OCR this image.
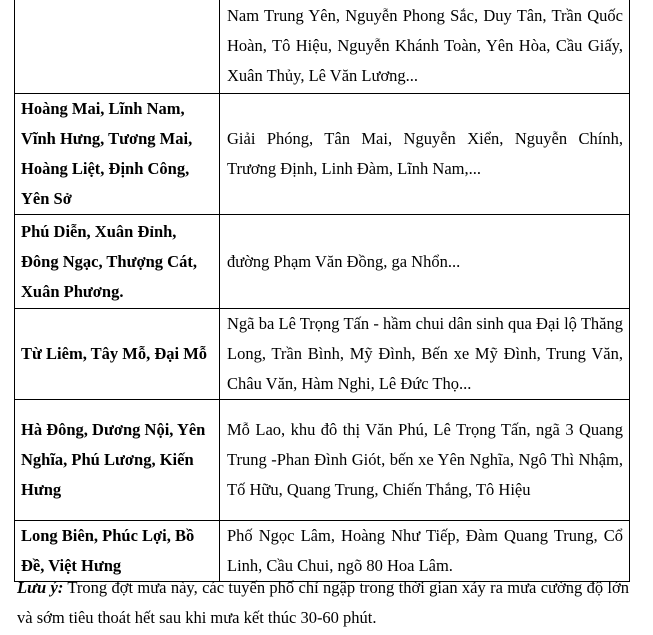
	Nam Trung Yên, Nguyễn Phong Sắc, Duy Tân, Trần Quốc Hoàn, Tô Hiệu, Nguyễn Khánh Toàn, Yên Hòa, Cầu Giấy, Xuân Thủy, Lê Văn Lương...
Hoàng Mai, Lĩnh Nam, Vĩnh Hưng, Tương Mai, Hoàng Liệt, Định Công, Yên Sở	Giải Phóng, Tân Mai, Nguyễn Xiển, Nguyễn Chính, Trương Định, Linh Đàm, Lĩnh Nam,...
Phú Diễn, Xuân Đỉnh, Đông Ngạc, Thượng Cát, Xuân Phương.	đường Phạm Văn Đồng, ga Nhổn...
Từ Liêm, Tây Mỗ, Đại Mỗ	Ngã ba Lê Trọng Tấn - hầm chui dân sinh qua Đại lộ Thăng Long, Trần Bình, Mỹ Đình, Bến xe Mỹ Đình, Trung Văn, Châu Văn, Hàm Nghi, Lê Đức Thọ...
Hà Đông, Dương Nội, Yên Nghĩa, Phú Lương, Kiến Hưng	Mỗ Lao, khu đô thị Văn Phú, Lê Trọng Tấn, ngã 3 Quang Trung -Phan Đình Giót, bến xe Yên Nghĩa, Ngô Thì Nhậm, Tố Hữu, Quang Trung, Chiến Thắng, Tô Hiệu
Long Biên, Phúc Lợi, Bồ Đề, Việt Hưng	Phố Ngọc Lâm, Hoàng Như Tiếp, Đàm Quang Trung, Cổ Linh, Cầu Chui, ngõ 80 Hoa Lâm.

Lưu ý: Trong đợt mưa này, các tuyến phố chỉ ngập trong thời gian xảy ra mưa cường độ lớn và sớm tiêu thoát hết sau khi mưa kết thúc 30-60 phút.
